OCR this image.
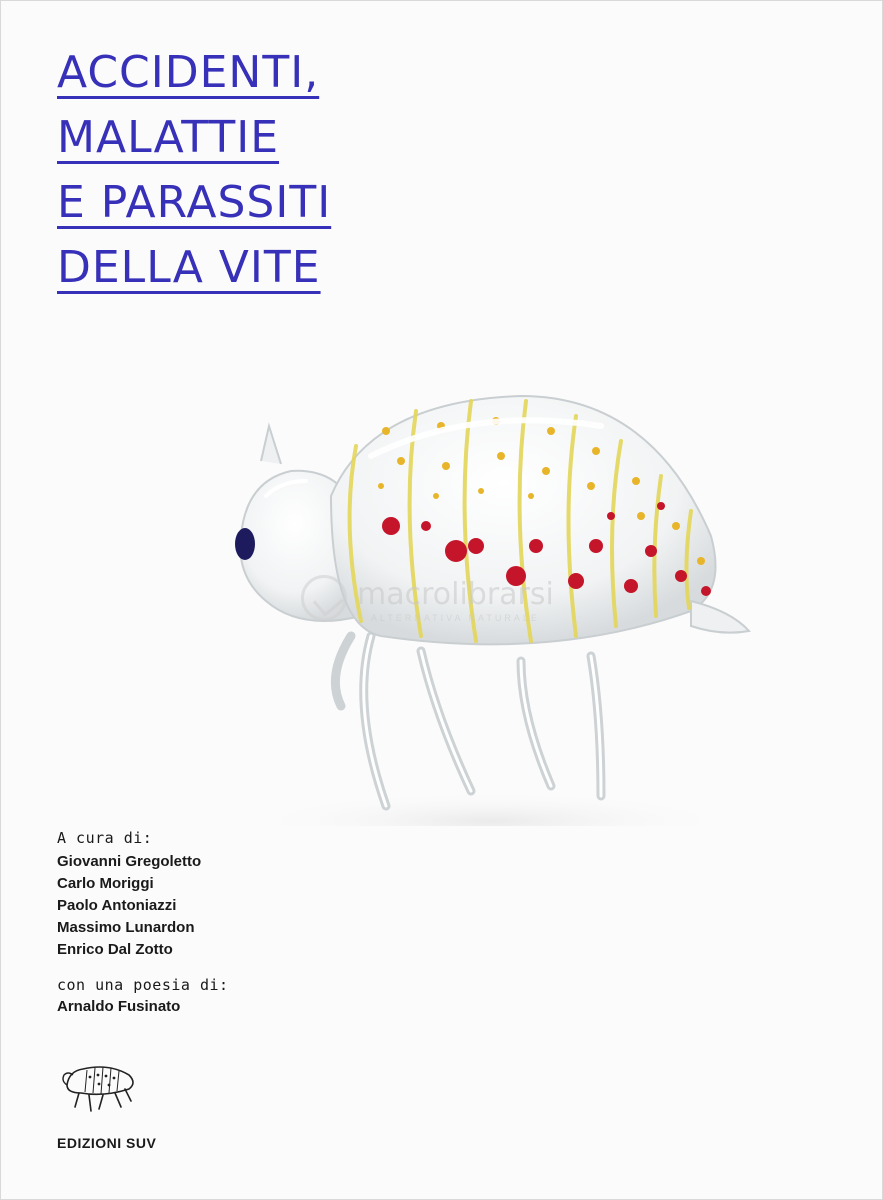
ACCIDENTI,
MALATTIE
E PARASSITI
DELLA VITE
macrolibrarsi
ALTERNATIVA NATURALE
A cura di:
Giovanni Gregoletto
Carlo Moriggi
Paolo Antoniazzi
Massimo Lunardon
Enrico Dal Zotto
con una poesia di:
Arnaldo Fusinato
EDIZIONI SUV
